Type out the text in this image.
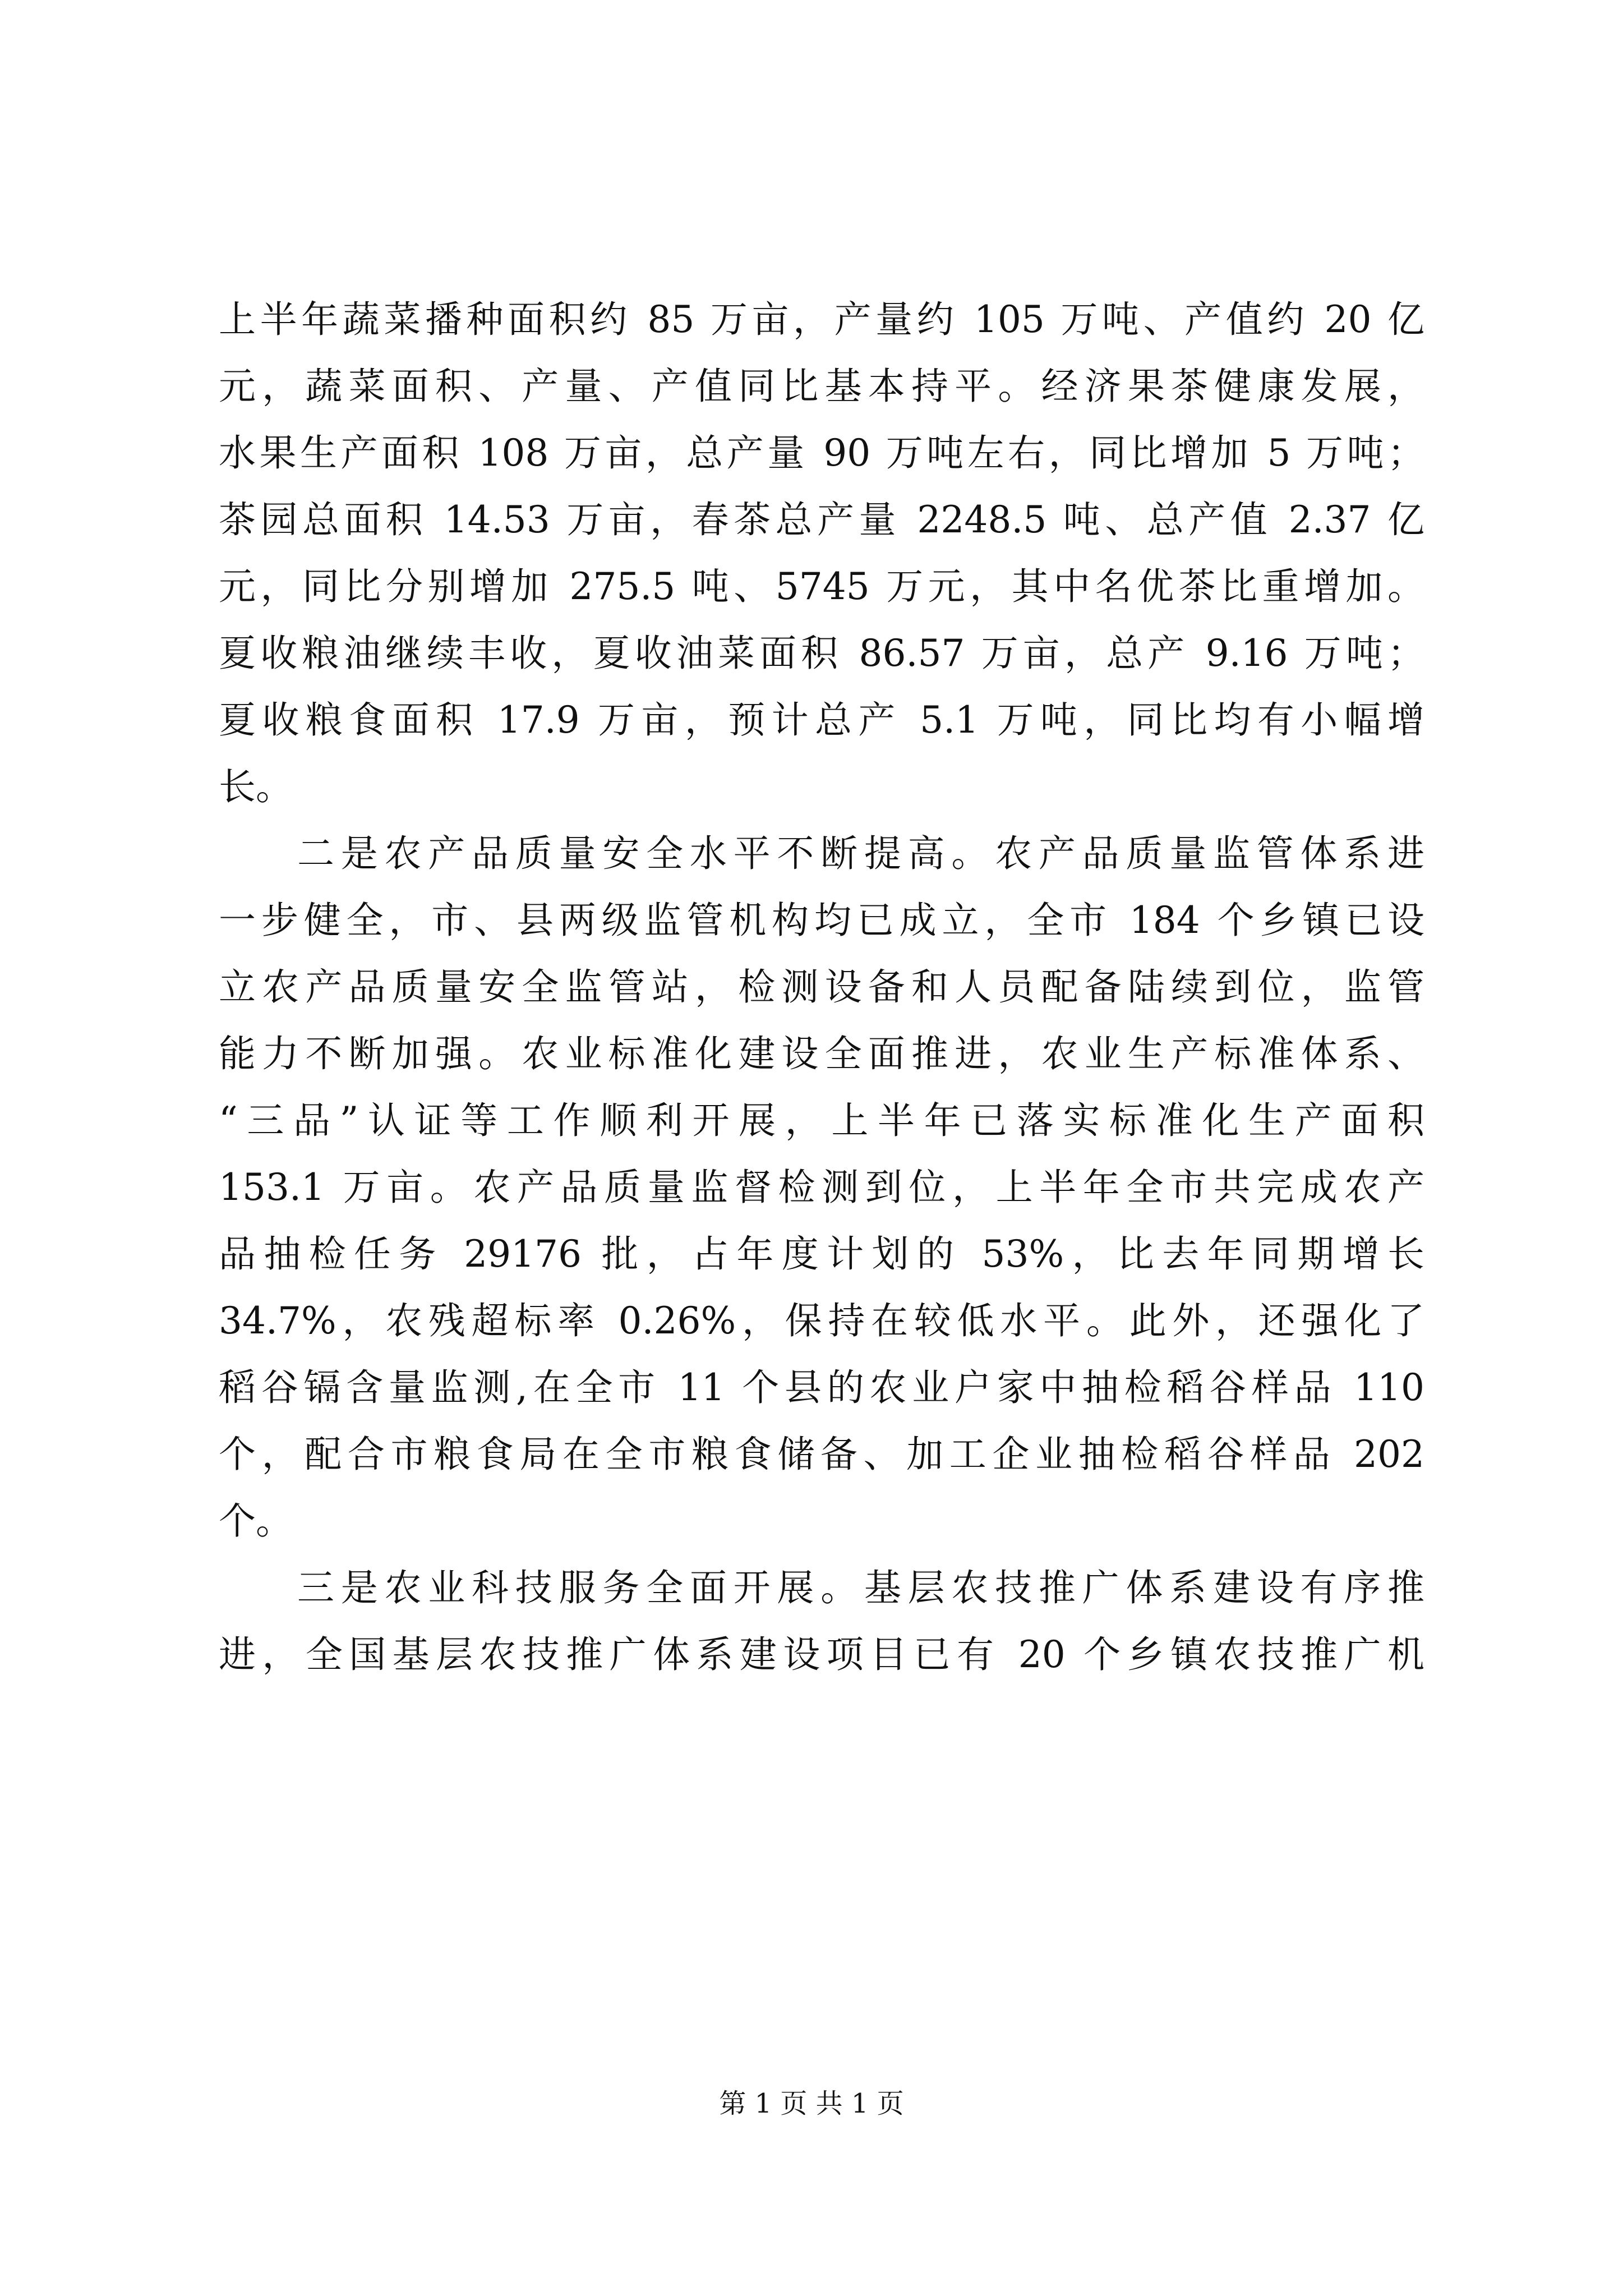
上半年蔬菜播种面积约 85 万亩，产量约 105 万吨、产值约 20 亿
元，蔬菜面积、产量、产值同比基本持平。经济果茶健康发展，
水果生产面积 108 万亩，总产量 90 万吨左右，同比增加 5 万吨；
茶园总面积 14.53 万亩，春茶总产量 2248.5 吨、总产值 2.37 亿
元，同比分别增加 275.5 吨、5745 万元，其中名优茶比重增加。
夏收粮油继续丰收，夏收油菜面积 86.57 万亩，总产 9.16 万吨；
夏收粮食面积 17.9 万亩，预计总产 5.1 万吨，同比均有小幅增
长。
二是农产品质量安全水平不断提高。农产品质量监管体系进
一步健全，市、县两级监管机构均已成立，全市 184 个乡镇已设
立农产品质量安全监管站，检测设备和人员配备陆续到位，监管
能力不断加强。农业标准化建设全面推进，农业生产标准体系、
“三品”认证等工作顺利开展，上半年已落实标准化生产面积
153.1 万亩。农产品质量监督检测到位，上半年全市共完成农产
品抽检任务 29176 批，占年度计划的 53%，比去年同期增长
34.7%，农残超标率 0.26%，保持在较低水平。此外，还强化了
稻谷镉含量监测,在全市 11 个县的农业户家中抽检稻谷样品 110
个，配合市粮食局在全市粮食储备、加工企业抽检稻谷样品 202
个。
三是农业科技服务全面开展。基层农技推广体系建设有序推
进，全国基层农技推广体系建设项目已有 20 个乡镇农技推广机
第 1 页 共 1 页
